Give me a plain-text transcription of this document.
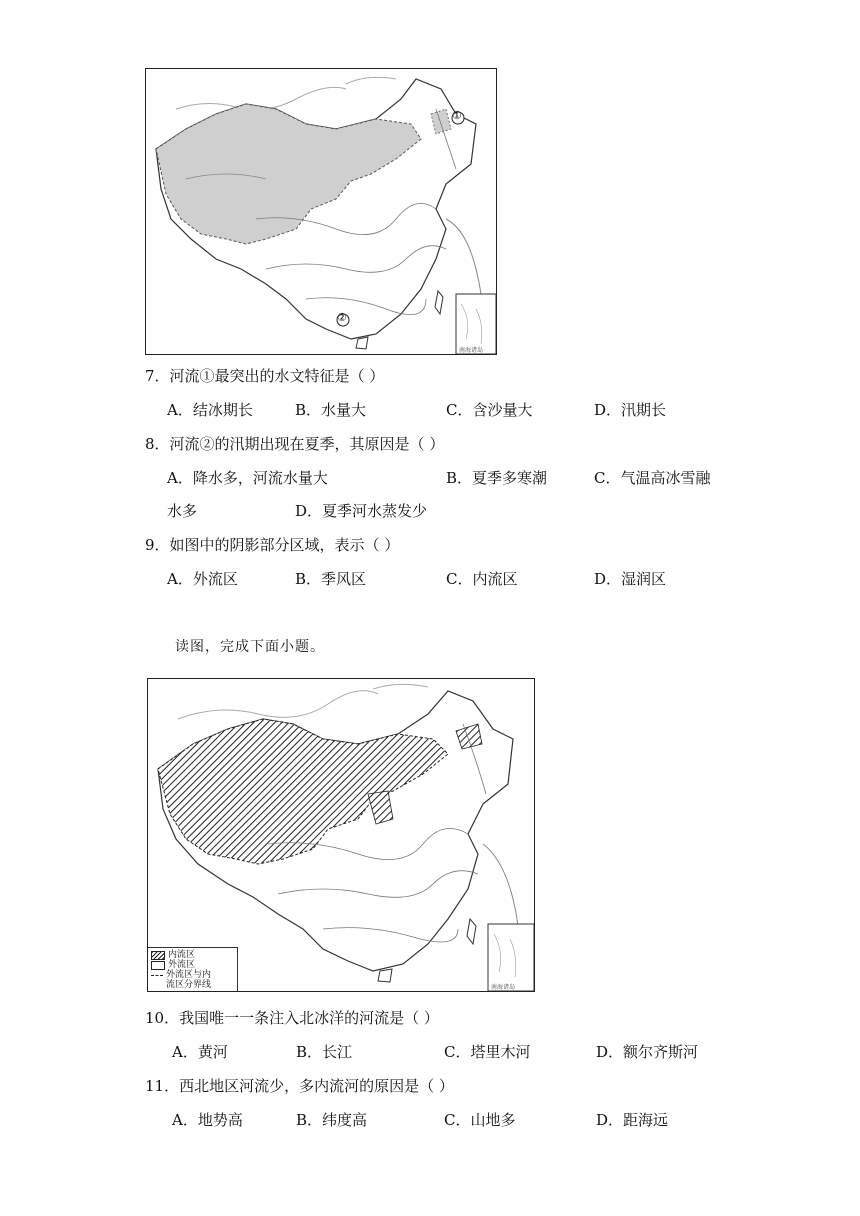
①
②
南海诸岛
7．河流①最突出的水文特征是（ ）
A．结冰期长	B．水量大	C．含沙量大	D．汛期长
8．河流②的汛期出现在夏季，其原因是（ ）
A．降水多，河流水量大	B．夏季多寒潮	C．气温高冰雪融
水多	D．夏季河水蒸发少
9．如图中的阴影部分区域，表示（ ）
A．外流区	B．季风区	C．内流区	D．湿润区
读图，完成下面小题。
南海诸岛
内流区
外流区
外流区与内
流区分界线
10．我国唯一一条注入北冰洋的河流是（ ）
A．黄河	B．长江	C．塔里木河	D．额尔齐斯河
11．西北地区河流少，多内流河的原因是（ ）
A．地势高	B．纬度高	C．山地多	D．距海远
